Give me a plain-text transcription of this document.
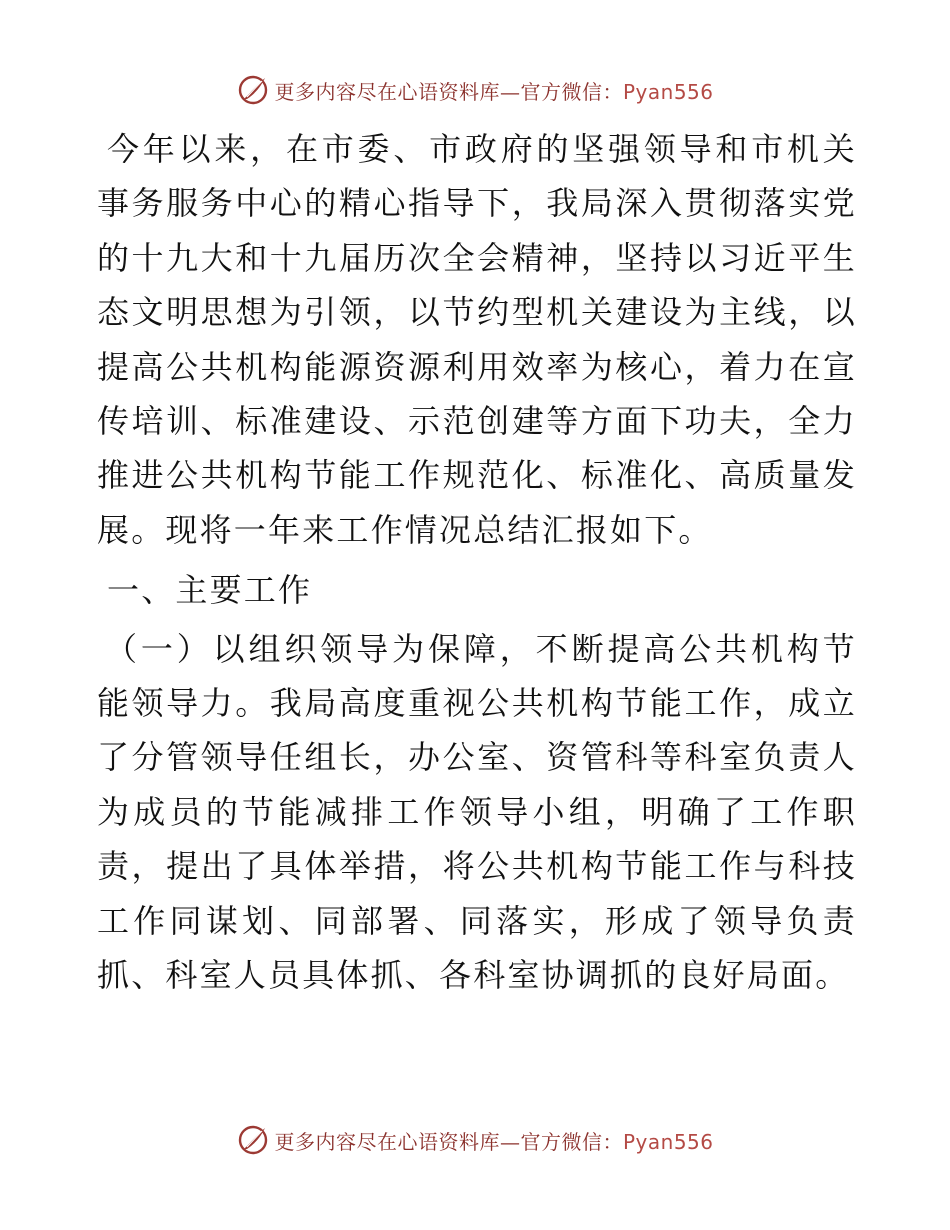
更多内容尽在心语资料库—官方微信：Pyan556

今年以来，在市委、市政府的坚强领导和市机关事务服务中心的精心指导下，我局深入贯彻落实党的十九大和十九届历次全会精神，坚持以习近平生态文明思想为引领，以节约型机关建设为主线，以提高公共机构能源资源利用效率为核心，着力在宣传培训、标准建设、示范创建等方面下功夫，全力推进公共机构节能工作规范化、标准化、高质量发展。现将一年来工作情况总结汇报如下。

一、主要工作

（一）以组织领导为保障，不断提高公共机构节能领导力。我局高度重视公共机构节能工作，成立了分管领导任组长，办公室、资管科等科室负责人为成员的节能减排工作领导小组，明确了工作职责，提出了具体举措，将公共机构节能工作与科技工作同谋划、同部署、同落实，形成了领导负责抓、科室人员具体抓、各科室协调抓的良好局面。

更多内容尽在心语资料库—官方微信：Pyan556
